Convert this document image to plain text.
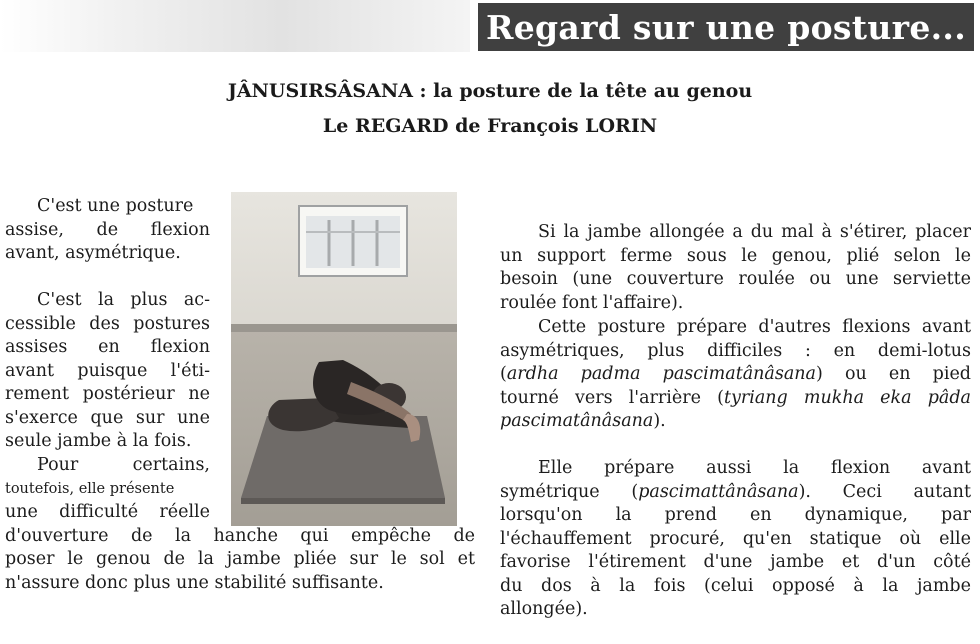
Regard sur une posture...
JÂNUSIRSÂSANA : la posture de la tête au genou
Le REGARD de François LORIN
C'est une posture
assise, de flexion
avant, asymétrique.
C'est la plus ac-
cessible des postures
assises en flexion
avant puisque l'éti-
rement postérieur ne
s'exerce que sur une
seule jambe à la fois.
Pour certains,
toutefois, elle présente
une difficulté réelle
d'ouverture de la hanche qui empêche de
poser le genou de la jambe pliée sur le sol et
n'assure donc plus une stabilité suffisante.
Si la jambe allongée a du mal à s'étirer, placer
un support ferme sous le genou, plié selon le
besoin (une couverture roulée ou une serviette
roulée font l'affaire).
Cette posture prépare d'autres flexions avant
asymétriques, plus difficiles : en demi-lotus
(ardha padma pascimatânâsana) ou en pied
tourné vers l'arrière (tyriang mukha eka pâda
pascimatânâsana).
Elle prépare aussi la flexion avant
symétrique (pascimattânâsana). Ceci autant
lorsqu'on la prend en dynamique, par
l'échauffement procuré, qu'en statique où elle
favorise l'étirement d'une jambe et d'un côté
du dos à la fois (celui opposé à la jambe
allongée).
